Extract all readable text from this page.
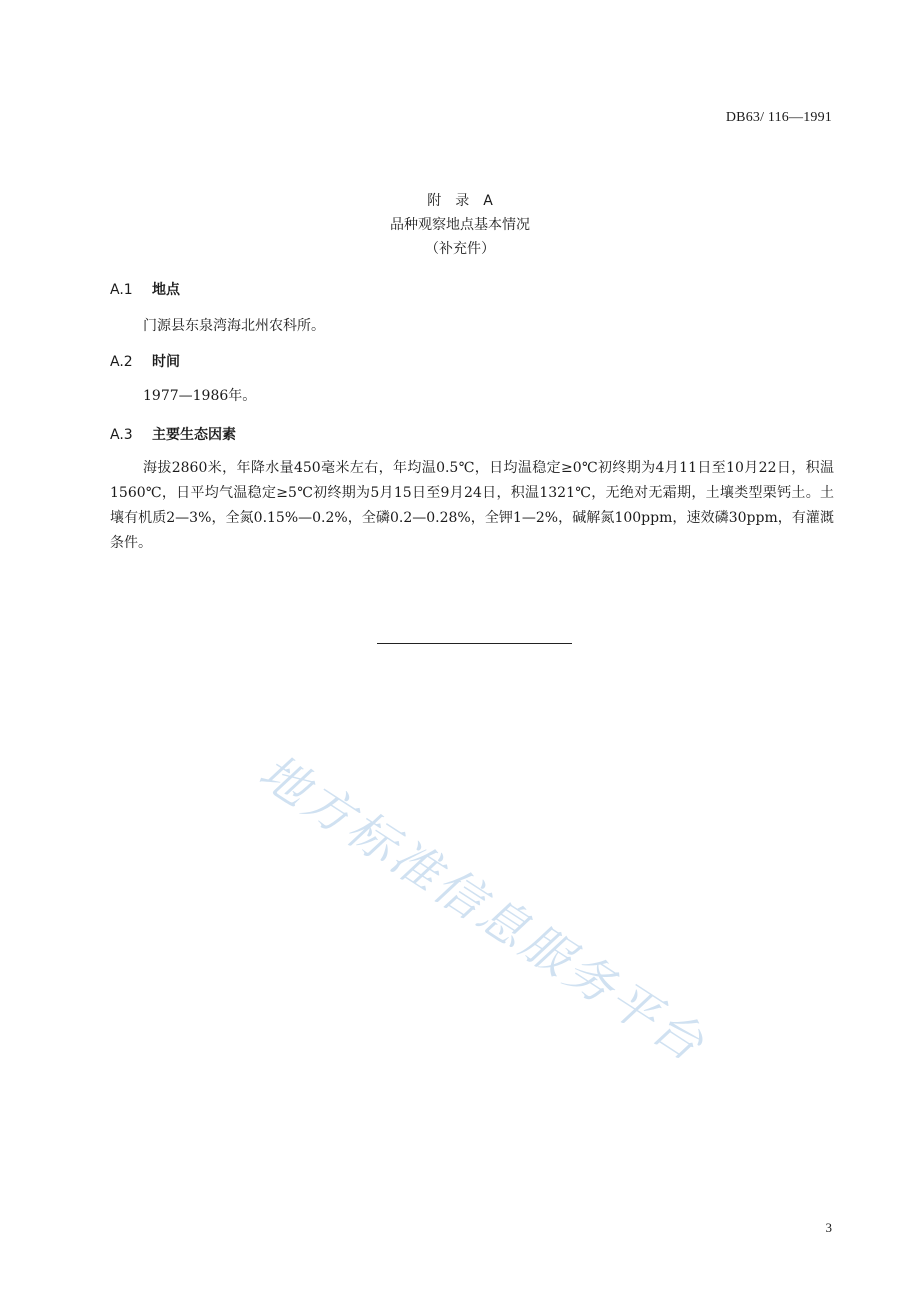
DB63/ 116—1991
附　录　A
品种观察地点基本情况
（补充件）
A.1 地点
门源县东泉湾海北州农科所。
A.2 时间
1977—1986年。
A.3 主要生态因素
海拔2860米，年降水量450毫米左右，年均温0.5℃，日均温稳定≥0℃初终期为4月11日至10月22日，积温1560℃，日平均气温稳定≥5℃初终期为5月15日至9月24日，积温1321℃，无绝对无霜期，土壤类型栗钙土。土壤有机质2—3%，全氮0.15%—0.2%，全磷0.2—0.28%，全钾1—2%，碱解氮100ppm，速效磷30ppm，有灌溉条件。
地方标准信息服务平台
3
